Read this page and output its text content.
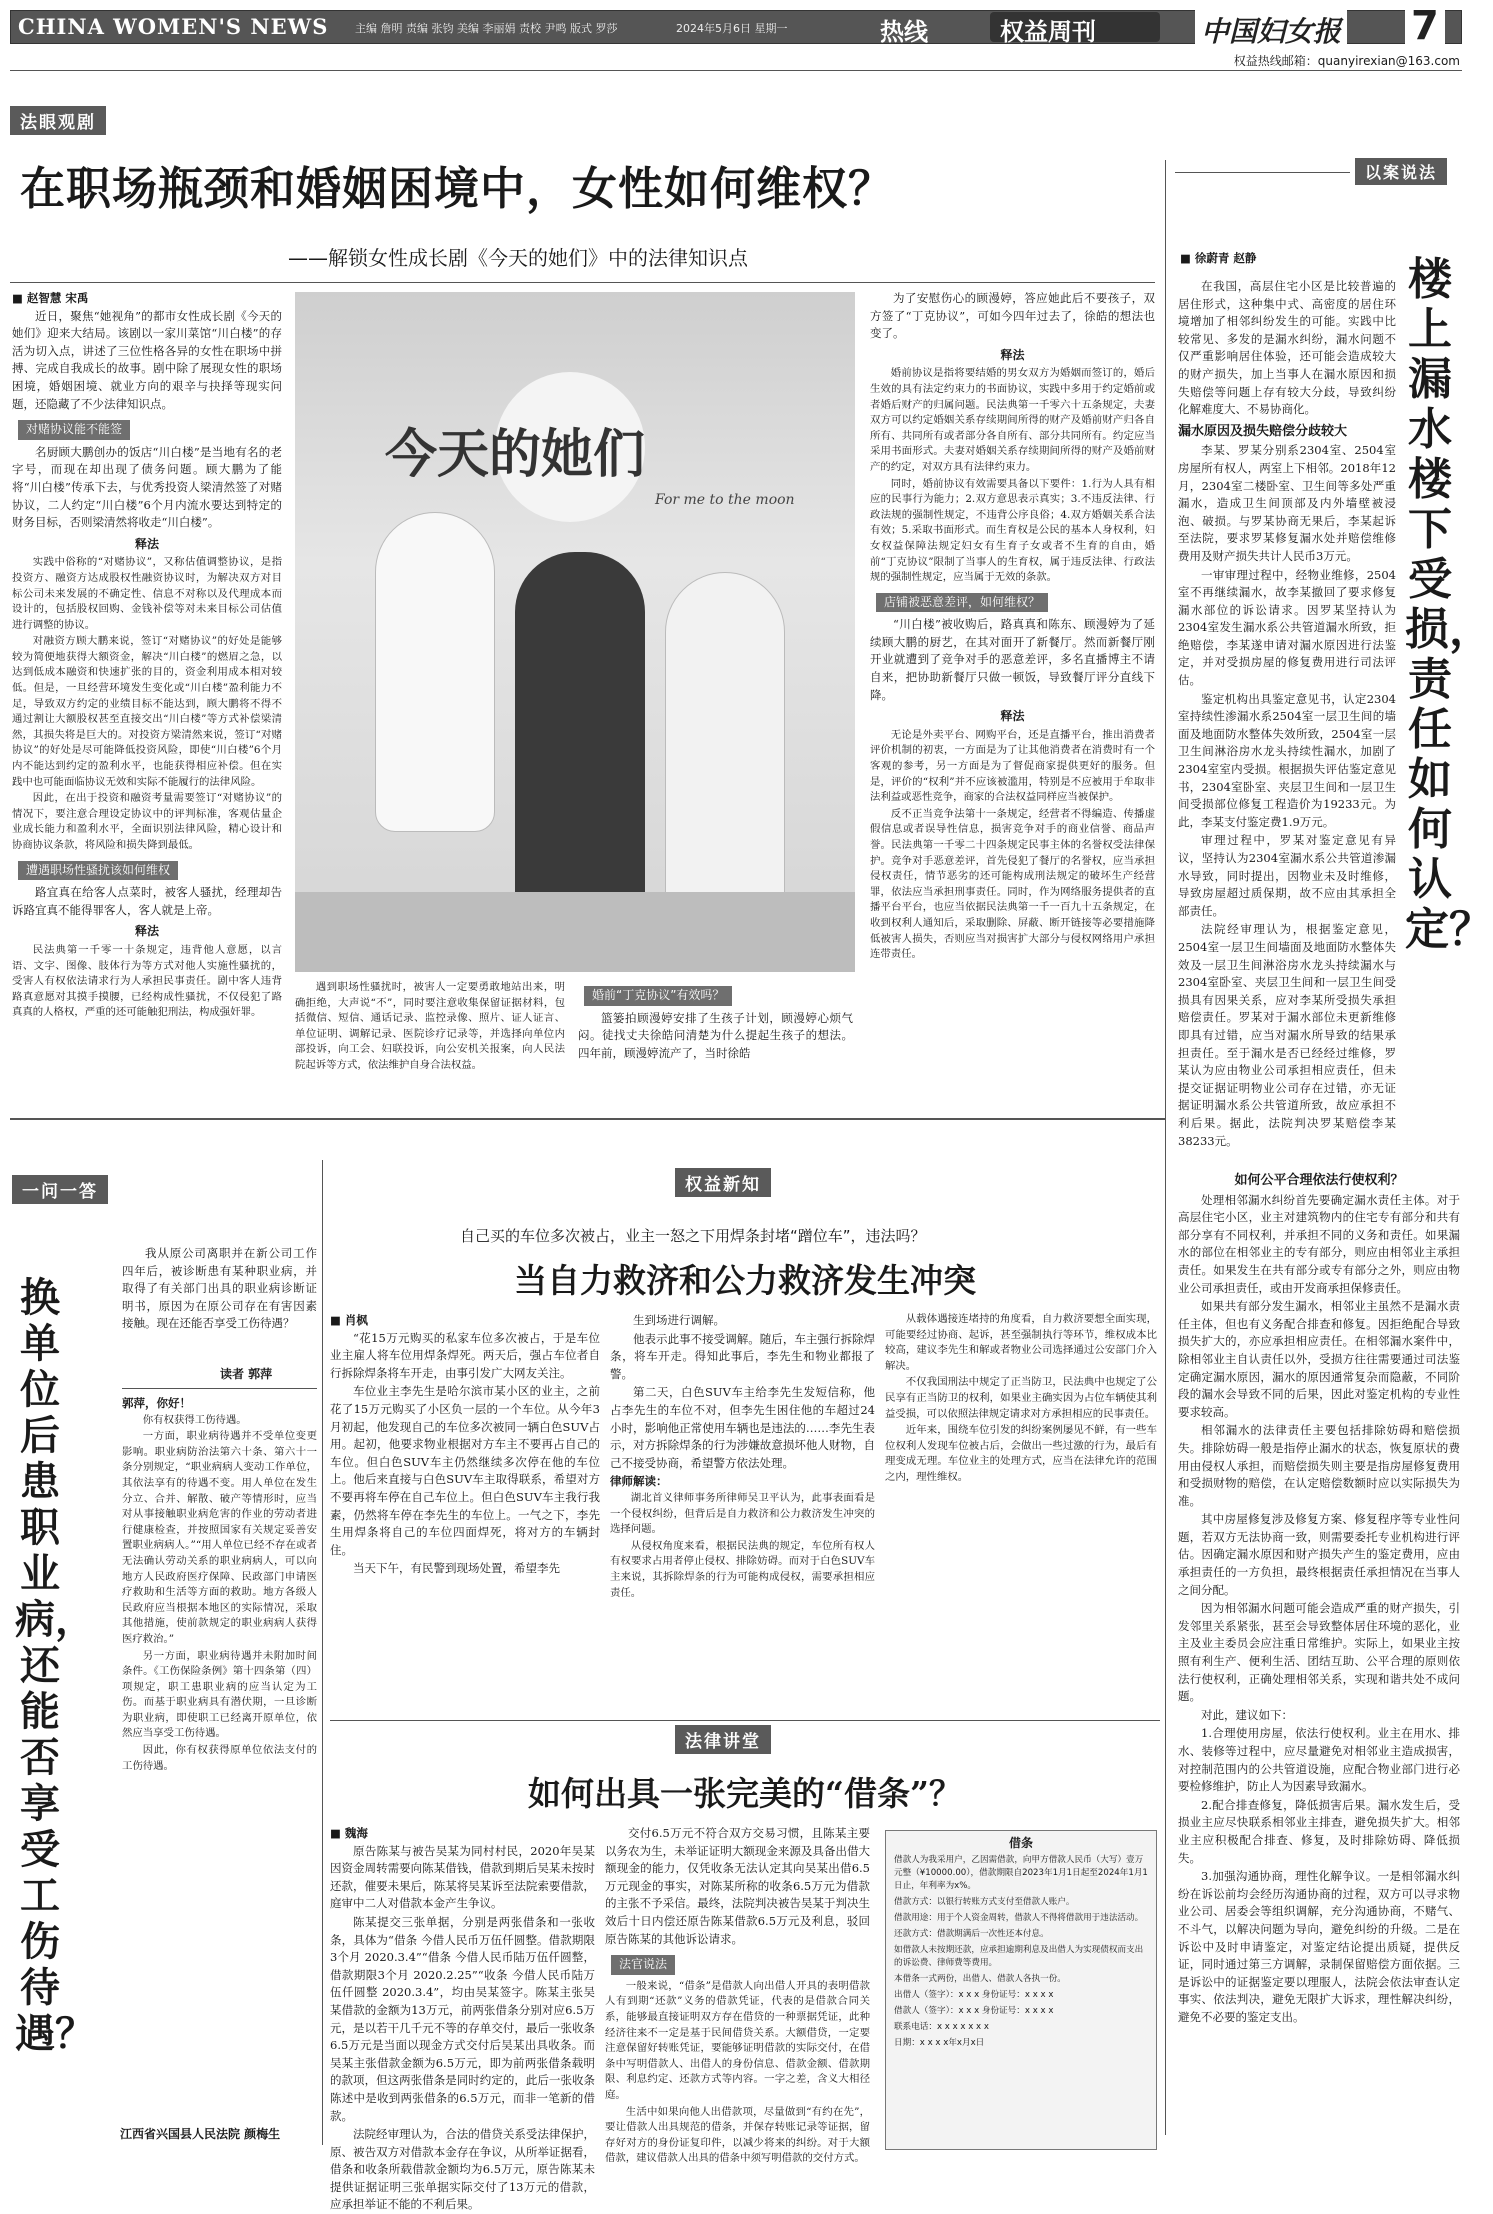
CHINA WOMEN'S NEWS 主编 詹明 责编 张钧 美编 李丽娟 责校 尹鸣 版式 罗莎	2024年5月6日 星期一	热线	权益周刊	中国妇女报 7
权益热线邮箱：quanyirexian@163.com
法眼观剧
在职场瓶颈和婚姻困境中，女性如何维权？
——解锁女性成长剧《今天的她们》中的法律知识点
■ 赵智慧 宋禹

近日，聚焦“她视角”的都市女性成长剧《今天的她们》迎来大结局。该剧以一家川菜馆“川白楼”的存活为切入点，讲述了三位性格各异的女性在职场中拼搏、完成自我成长的故事。剧中除了展现女性的职场困境，婚姻困境、就业方向的艰辛与抉择等现实问题，还隐藏了不少法律知识点。

对赌协议能不能签

名厨顾大鹏创办的饭店“川白楼”是当地有名的老字号，而现在却出现了债务问题。顾大鹏为了能将“川白楼”传承下去，与优秀投资人梁清然签了对赌协议，二人约定“川白楼”6个月内流水要达到特定的财务目标，否则梁清然将收走“川白楼”。

释法

实践中俗称的“对赌协议”，又称估值调整协议，是指投资方、融资方达成股权性融资协议时，为解决双方对目标公司未来发展的不确定性、信息不对称以及代理成本而设计的，包括股权回购、金钱补偿等对未来目标公司估值进行调整的协议。

对融资方顾大鹏来说，签订“对赌协议”的好处是能够较为简便地获得大额资金，解决“川白楼”的燃眉之急，以达到低成本融资和快速扩张的目的，资金利用成本相对较低。但是，一旦经营环境发生变化或“川白楼”盈利能力不足，导致双方约定的业绩目标不能达到，顾大鹏将不得不通过割让大额股权甚至直接交出“川白楼”等方式补偿梁清然，其损失将是巨大的。对投资方梁清然来说，签订“对赌协议”的好处是尽可能降低投资风险，即使“川白楼”6个月内不能达到约定的盈利水平，也能获得相应补偿。但在实践中也可能面临协议无效和实际不能履行的法律风险。

因此，在出于投资和融资考量需要签订“对赌协议”的情况下，要注意合理设定协议中的评判标准，客观估量企业成长能力和盈利水平，全面识别法律风险，精心设计和协商协议条款，将风险和损失降到最低。

遭遇职场性骚扰该如何维权

路宜真在给客人点菜时，被客人骚扰，经理却告诉路宜真不能得罪客人，客人就是上帝。

释法

民法典第一千零一十条规定，违背他人意愿，以言语、文字、图像、肢体行为等方式对他人实施性骚扰的，受害人有权依法请求行为人承担民事责任。剧中客人违背路真意愿对其摸手摸腰，已经构成性骚扰，不仅侵犯了路真真的人格权，严重的还可能触犯刑法，构成强奸罪。

今天的她们
For me to the moon

遇到职场性骚扰时，被害人一定要勇敢地站出来，明确拒绝，大声说“不”，同时要注意收集保留证据材料，包括微信、短信、通话记录、监控录像、照片、证人证言、单位证明、调解记录、医院诊疗记录等，并选择向单位内部投诉，向工会、妇联投诉，向公安机关报案，向人民法院起诉等方式，依法维护自身合法权益。

婚前“丁克协议”有效吗？

篮篓拍顾漫婷安排了生孩子计划，顾漫婷心烦气闷。徒找丈夫徐皓问清楚为什么提起生孩子的想法。四年前，顾漫婷流产了，当时徐皓

为了安慰伤心的顾漫婷，答应她此后不要孩子，双方签了“丁克协议”，可如今四年过去了，徐皓的想法也变了。

释法

婚前协议是指将要结婚的男女双方为婚姻而签订的，婚后生效的具有法定约束力的书面协议，实践中多用于约定婚前或者婚后财产的归属问题。民法典第一千零六十五条规定，夫妻双方可以约定婚姻关系存续期间所得的财产及婚前财产归各自所有、共同所有或者部分各自所有、部分共同所有。约定应当采用书面形式。夫妻对婚姻关系存续期间所得的财产及婚前财产的约定，对双方具有法律约束力。

同时，婚前协议有效需要具备以下要件：1.行为人具有相应的民事行为能力；2.双方意思表示真实；3.不违反法律、行政法规的强制性规定，不违背公序良俗；4.双方婚姻关系合法有效；5.采取书面形式。而生育权是公民的基本人身权利，妇女权益保障法规定妇女有生育子女或者不生育的自由，婚前“丁克协议”限制了当事人的生育权，属于违反法律、行政法规的强制性规定，应当属于无效的条款。

店铺被恶意差评，如何维权？

“川白楼”被收购后，路真真和陈东、顾漫婷为了延续顾大鹏的厨艺，在其对面开了新餐厅。然而新餐厅刚开业就遭到了竞争对手的恶意差评，多名直播博主不请自来，把协助新餐厅只做一顿饭，导致餐厅评分直线下降。

释法

无论是外卖平台、网购平台，还是直播平台，推出消费者评价机制的初衷，一方面是为了让其他消费者在消费时有一个客观的参考，另一方面是为了督促商家提供更好的服务。但是，评价的“权利”并不应该被滥用，特别是不应被用于牟取非法利益或恶性竞争，商家的合法权益同样应当被保护。

反不正当竞争法第十一条规定，经营者不得编造、传播虚假信息或者误导性信息，损害竞争对手的商业信誉、商品声誉。民法典第一千零二十四条规定民事主体的名誉权受法律保护。竞争对手恶意差评，首先侵犯了餐厅的名誉权，应当承担侵权责任，情节恶劣的还可能构成刑法规定的破坏生产经营罪，依法应当承担刑事责任。同时，作为网络服务提供者的直播平台平台，也应当依据民法典第一千一百九十五条规定，在收到权利人通知后，采取删除、屏蔽、断开链接等必要措施降低被害人损失，否则应当对损害扩大部分与侵权网络用户承担连带责任。

以案说法
■ 徐蔚青 赵静	楼上漏水楼下受损，责任如何认定？

在我国，高层住宅小区是比较普遍的居住形式，这种集中式、高密度的居住环境增加了相邻纠纷发生的可能。实践中比较常见、多发的是漏水纠纷，漏水问题不仅严重影响居住体验，还可能会造成较大的财产损失，加上当事人在漏水原因和损失赔偿等问题上存有较大分歧，导致纠纷化解难度大、不易协商化。

漏水原因及损失赔偿分歧较大

李某、罗某分别系2304室、2504室房屋所有权人，两室上下相邻。2018年12月，2304室二楼卧室、卫生间等多处严重漏水，造成卫生间顶部及内外墙壁被浸泡、破损。与罗某协商无果后，李某起诉至法院，要求罗某修复漏水处并赔偿维修费用及财产损失共计人民币3万元。

一审审理过程中，经物业维修，2504室不再继续漏水，故李某撤回了要求修复漏水部位的诉讼请求。因罗某坚持认为2304室发生漏水系公共管道漏水所致，拒绝赔偿，李某遂申请对漏水原因进行法鉴定，并对受损房屋的修复费用进行司法评估。

鉴定机构出具鉴定意见书，认定2304室持续性渗漏水系2504室一层卫生间的墙面及地面防水整体失效所致，2504室一层卫生间淋浴房水龙头持续性漏水，加剧了2304室室内受损。根据损失评估鉴定意见书，2304室卧室、夹层卫生间和一层卫生间受损部位修复工程造价为19233元。为此，李某支付鉴定费1.9万元。

审理过程中，罗某对鉴定意见有异议，坚持认为2304室漏水系公共管道渗漏水导致，同时提出，因物业未及时维修，导致房屋超过质保期，故不应由其承担全部责任。

法院经审理认为，根据鉴定意见，2504室一层卫生间墙面及地面防水整体失效及一层卫生间淋浴房水龙头持续漏水与2304室卧室、夹层卫生间和一层卫生间受损具有因果关系，应对李某所受损失承担赔偿责任。罗某对于漏水部位未更新维修即具有过错，应当对漏水所导致的结果承担责任。至于漏水是否已经经过维修，罗某认为应由物业公司承担相应责任，但未提交证据证明物业公司存在过错，亦无证据证明漏水系公共管道所致，故应承担不利后果。据此，法院判决罗某赔偿李某38233元。

如何公平合理依法行使权利？

处理相邻漏水纠纷首先要确定漏水责任主体。对于高层住宅小区，业主对建筑物内的住宅专有部分和共有部分享有不同权利，并承担不同的义务和责任。如果漏水的部位在相邻业主的专有部分，则应由相邻业主承担责任。如果发生在共有部分或专有部分之外，则应由物业公司承担责任，或由开发商承担保修责任。

如果共有部分发生漏水，相邻业主虽然不是漏水责任主体，但也有义务配合排查和修复。因拒绝配合导致损失扩大的，亦应承担相应责任。在相邻漏水案件中，除相邻业主自认责任以外，受损方往往需要通过司法鉴定确定漏水原因，漏水的原因通常复杂而隐蔽，不同阶段的漏水会导致不同的后果，因此对鉴定机构的专业性要求较高。

相邻漏水的法律责任主要包括排除妨碍和赔偿损失。排除妨碍一般是指停止漏水的状态，恢复原状的费用由侵权人承担，而赔偿损失则主要是指房屋修复费用和受损财物的赔偿，在认定赔偿数额时应以实际损失为准。

其中房屋修复涉及修复方案、修复程序等专业性问题，若双方无法协商一致，则需要委托专业机构进行评估。因确定漏水原因和财产损失产生的鉴定费用，应由承担责任的一方负担，最终根据责任承担情况在当事人之间分配。

因为相邻漏水问题可能会造成严重的财产损失，引发邻里关系紧张，甚至会导致整体居住环境的恶化，业主及业主委员会应注重日常维护。实际上，如果业主按照有利生产、便利生活、团结互助、公平合理的原则依法行使权利，正确处理相邻关系，实现和谐共处不成问题。

对此，建议如下：

1.合理使用房屋，依法行使权利。业主在用水、排水、装修等过程中，应尽量避免对相邻业主造成损害，对控制范围内的公共管道设施，应配合物业部门进行必要检修维护，防止人为因素导致漏水。

2.配合排查修复，降低损害后果。漏水发生后，受损业主应尽快联系相邻业主排查，避免损失扩大。相邻业主应积极配合排查、修复，及时排除妨碍、降低损失。

3.加强沟通协商，理性化解争议。一是相邻漏水纠纷在诉讼前均会经历沟通协商的过程，双方可以寻求物业公司、居委会等组织调解，充分沟通协商，不赌气、不斗气，以解决问题为导向，避免纠纷的升级。二是在诉讼中及时申请鉴定，对鉴定结论提出质疑，提供反证，同时通过第三方调解，录制保留赔偿方面依据。三是诉讼中的证据鉴定要以理服人，法院会依法审查认定事实、依法判决，避免无限扩大诉求，理性解决纠纷，避免不必要的鉴定支出。

一问一答
换单位后患职业病，还能否享受工伤待遇？

我从原公司离职并在新公司工作四年后，被诊断患有某种职业病，并取得了有关部门出具的职业病诊断证明书，原因为在原公司存在有害因素接触。现在还能否享受工伤待遇？

读者 郭萍
郭萍，你好！

你有权获得工伤待遇。

一方面，职业病待遇并不受单位变更影响。职业病防治法第六十条、第六十一条分别规定，“职业病病人变动工作单位，其依法享有的待遇不变。用人单位在发生分立、合并、解散、破产等情形时，应当对从事接触职业病危害的作业的劳动者进行健康检查，并按照国家有关规定妥善安置职业病病人。”“用人单位已经不存在或者无法确认劳动关系的职业病病人，可以向地方人民政府医疗保障、民政部门申请医疗救助和生活等方面的救助。地方各级人民政府应当根据本地区的实际情况，采取其他措施，使前款规定的职业病病人获得医疗救治。”

另一方面，职业病待遇并未附加时间条件。《工伤保险条例》第十四条第（四）项规定，职工患职业病的应当认定为工伤。而基于职业病具有潜伏期，一旦诊断为职业病，即使职工已经离开原单位，依然应当享受工伤待遇。

因此，你有权获得原单位依法支付的工伤待遇。

江西省兴国县人民法院 颜梅生
权益新知
自己买的车位多次被占，业主一怒之下用焊条封堵“蹭位车”，违法吗？
当自力救济和公力救济发生冲突
■ 肖枫

“花15万元购买的私家车位多次被占，于是车位业主雇人将车位用焊条焊死。两天后，强占车位者自行拆除焊条将车开走，由事引发广大网友关注。

车位业主李先生是哈尔滨市某小区的业主，之前花了15万元购买了小区负一层的一个车位。从今年3月初起，他发现自己的车位多次被同一辆白色SUV占用。起初，他要求物业根据对方车主不要再占自己的车位。但白色SUV车主仍然继续多次停在他的车位上。他后来直接与白色SUV车主取得联系，希望对方不要再将车停在自己车位上。但白色SUV车主我行我素，仍然将车停在李先生的车位上。一气之下，李先生用焊条将自己的车位四面焊死，将对方的车辆封住。

当天下午，有民警到现场处置，希望李先

生到场进行调解。

他表示此事不接受调解。随后，车主强行拆除焊条，将车开走。得知此事后，李先生和物业都报了警。

第二天，白色SUV车主给李先生发短信称，他占李先生的车位不对，但李先生困住他的车超过24小时，影响他正常使用车辆也是违法的……李先生表示，对方拆除焊条的行为涉嫌故意损坏他人财物，自己不接受协商，希望警方依法处理。

律师解读：

湖北首义律师事务所律师吴卫平认为，此事表面看是一个侵权纠纷，但背后是自力救济和公力救济发生冲突的选择问题。

从侵权角度来看，根据民法典的规定，车位所有权人有权要求占用者停止侵权、排除妨碍。而对于白色SUV车主来说，其拆除焊条的行为可能构成侵权，需要承担相应责任。

从载体遇接连堵持的角度看，自力救济要想全面实现，可能要经过协商、起诉，甚至强制执行等环节，维权成本比较高，建议李先生和解或者物业公司选择通过公安部门介入解决。

不仅我国刑法中规定了正当防卫，民法典中也规定了公民享有正当防卫的权利，如果业主确实因为占位车辆使其利益受损，可以依照法律规定请求对方承担相应的民事责任。

近年来，围绕车位引发的纠纷案例屡见不鲜，有一些车位权利人发现车位被占后，会做出一些过激的行为，最后有理变成无理。车位业主的处理方式，应当在法律允许的范围之内，理性维权。

法律讲堂
如何出具一张完美的“借条”？
■ 魏海

原告陈某与被告吴某为同村村民，2020年吴某因资金周转需要向陈某借钱，借款到期后吴某未按时还款，催要未果后，陈某将吴某诉至法院索要借款，庭审中二人对借款本金产生争议。

陈某提交三张单据，分别是两张借条和一张收条，具体为“借条 今借人民币万伍仟圆整。借款期限3个月 2020.3.4”“借条 今借人民币陆万伍仟圆整，借款期限3个月 2020.2.25”“收条 今借人民币陆万伍仟圆整 2020.3.4”，均由吴某签字。陈某主张吴某借款的金额为13万元，前两张借条分别对应6.5万元，是以若干几千元不等的存单交付，最后一张收条6.5万元是当面以现金方式交付后吴某出具收条。而吴某主张借款金额为6.5万元，即为前两张借条载明的款项，但这两张借条是同时约定的，此后一张收条陈述中是收到两张借条的6.5万元，而非一笔新的借款。

法院经审理认为，合法的借贷关系受法律保护，原、被告双方对借款本金存在争议，从所举证据看，借条和收条所载借款金额均为6.5万元，原告陈某未提供证据证明三张单据实际交付了13万元的借款，应承担举证不能的不利后果。

交付6.5万元不符合双方交易习惯，且陈某主要以务农为生，未举证证明大额现金来源及具备出借大额现金的能力，仅凭收条无法认定其向吴某出借6.5万元现金的事实，对陈某所称的收条6.5万元为借款的主张不予采信。最终，法院判决被告吴某于判决生效后十日内偿还原告陈某借款6.5万元及利息，驳回原告陈某的其他诉讼请求。

法官说法

一般来说，“借条”是借款人向出借人开具的表明借款人有到期“还款”义务的借款凭证，代表的是借款合同关系，能够最直接证明双方存在借贷的一种票据凭证，此种经济往来不一定是基于民间借贷关系。大额借贷，一定要注意保留好转账凭证，要能够证明借款的实际交付，在借条中写明借款人、出借人的身份信息、借款金额、借款期限、利息约定、还款方式等内容。一字之差，含义大相径庭。

生活中如果向他人出借款项，尽量做到“有约在先”，要让借款人出具规范的借条，并保存转账记录等证据，留存好对方的身份证复印件，以减少将来的纠纷。对于大额借款，建议借款人出具的借条中须写明借款的交付方式。

借条
借款人为我采用户，乙因需借款，向甲方借款人民币（大写）壹万元整（¥10000.00），借款期限自2023年1月1日起至2024年1月1日止，年利率为x%。
借款方式：以银行转账方式支付至借款人账户。
借款用途：用于个人资金周转，借款人不得将借款用于违法活动。
还款方式：借款期满后一次性还本付息。
如借款人未按期还款，应承担逾期利息及出借人为实现债权而支出的诉讼费、律师费等费用。
本借条一式两份，出借人、借款人各执一份。
出借人（签字）：x x x 身份证号：x x x x
借款人（签字）：x x x 身份证号：x x x x
联系电话：x x x x x x x
日期：x x x x年x月x日
